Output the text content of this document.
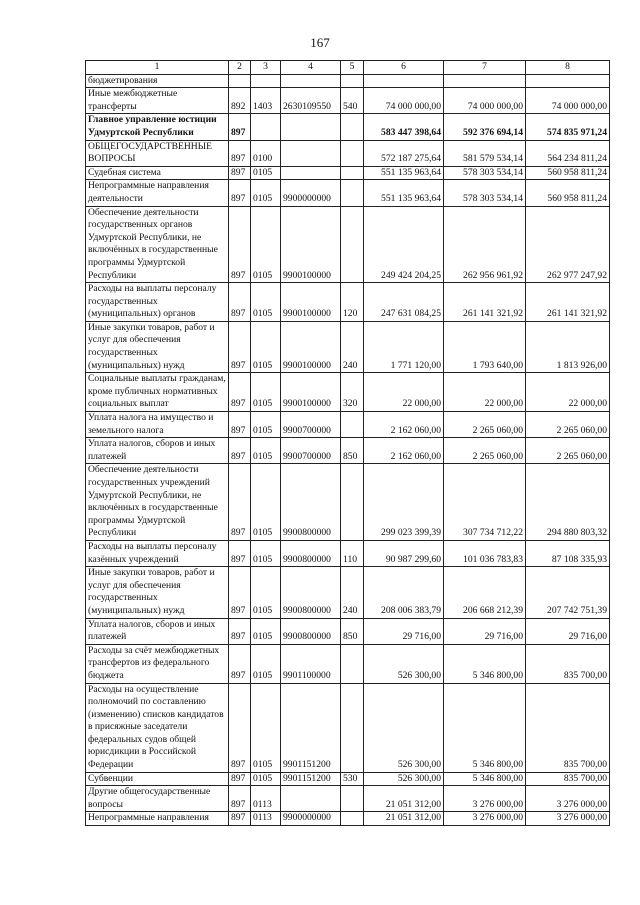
167
1	2	3	4	5	6	7	8
бюджетирования							
Иные межбюджетные трансферты	892	1403	2630109550	540	74 000 000,00	74 000 000,00	74 000 000,00
Главное управление юстиции Удмуртской Республики	897				583 447 398,64	592 376 694,14	574 835 971,24
ОБЩЕГОСУДАРСТВЕННЫЕ ВОПРОСЫ	897	0100			572 187 275,64	581 579 534,14	564 234 811,24
Судебная система	897	0105			551 135 963,64	578 303 534,14	560 958 811,24
Непрограммные направления деятельности	897	0105	9900000000		551 135 963,64	578 303 534,14	560 958 811,24
Обеспечение деятельности государственных органов Удмуртской Республики, не включённых в государственные программы Удмуртской Республики	897	0105	9900100000		249 424 204,25	262 956 961,92	262 977 247,92
Расходы на выплаты персоналу государственных (муниципальных) органов	897	0105	9900100000	120	247 631 084,25	261 141 321,92	261 141 321,92
Иные закупки товаров, работ и услуг для обеспечения государственных (муниципальных) нужд	897	0105	9900100000	240	1 771 120,00	1 793 640,00	1 813 926,00
Социальные выплаты гражданам, кроме публичных нормативных социальных выплат	897	0105	9900100000	320	22 000,00	22 000,00	22 000,00
Уплата налога на имущество и земельного налога	897	0105	9900700000		2 162 060,00	2 265 060,00	2 265 060,00
Уплата налогов, сборов и иных платежей	897	0105	9900700000	850	2 162 060,00	2 265 060,00	2 265 060,00
Обеспечение деятельности государственных учреждений Удмуртской Республики, не включённых в государственные программы Удмуртской Республики	897	0105	9900800000		299 023 399,39	307 734 712,22	294 880 803,32
Расходы на выплаты персоналу казённых учреждений	897	0105	9900800000	110	90 987 299,60	101 036 783,83	87 108 335,93
Иные закупки товаров, работ и услуг для обеспечения государственных (муниципальных) нужд	897	0105	9900800000	240	208 006 383,79	206 668 212,39	207 742 751,39
Уплата налогов, сборов и иных платежей	897	0105	9900800000	850	29 716,00	29 716,00	29 716,00
Расходы за счёт межбюджетных трансфертов из федерального бюджета	897	0105	9901100000		526 300,00	5 346 800,00	835 700,00
Расходы на осуществление полномочий по составлению (изменению) списков кандидатов в присяжные заседатели федеральных судов общей юрисдикции в Российской Федерации	897	0105	9901151200		526 300,00	5 346 800,00	835 700,00
Субвенции	897	0105	9901151200	530	526 300,00	5 346 800,00	835 700,00
Другие общегосударственные вопросы	897	0113			21 051 312,00	3 276 000,00	3 276 000,00
Непрограммные направления	897	0113	9900000000		21 051 312,00	3 276 000,00	3 276 000,00
